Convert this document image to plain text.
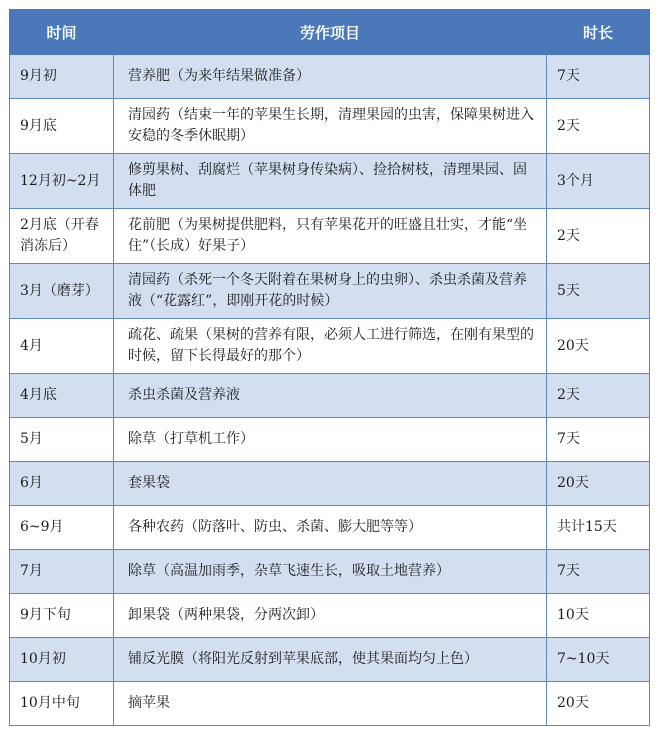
时间	劳作项目	时长
9月初	营养肥（为来年结果做准备）	7天
9月底	清园药（结束一年的苹果生长期，清理果园的虫害，保障果树进入安稳的冬季休眠期）	2天
12月初~2月	修剪果树、刮腐烂（苹果树身传染病）、捡拾树枝，清理果园、固体肥	3个月
2月底（开春消冻后）	花前肥（为果树提供肥料，只有苹果花开的旺盛且壮实，才能“坐住”（长成）好果子）	2天
3月（磨芽）	清园药（杀死一个冬天附着在果树身上的虫卵）、杀虫杀菌及营养液（“花露红”，即刚开花的时候）	5天
4月	疏花、疏果（果树的营养有限，必须人工进行筛选，在刚有果型的时候，留下长得最好的那个）	20天
4月底	杀虫杀菌及营养液	2天
5月	除草（打草机工作）	7天
6月	套果袋	20天
6~9月	各种农药（防落叶、防虫、杀菌、膨大肥等等）	共计15天
7月	除草（高温加雨季，杂草飞速生长，吸取土地营养）	7天
9月下旬	卸果袋（两种果袋，分两次卸）	10天
10月初	铺反光膜（将阳光反射到苹果底部，使其果面均匀上色）	7~10天
10月中旬	摘苹果	20天
